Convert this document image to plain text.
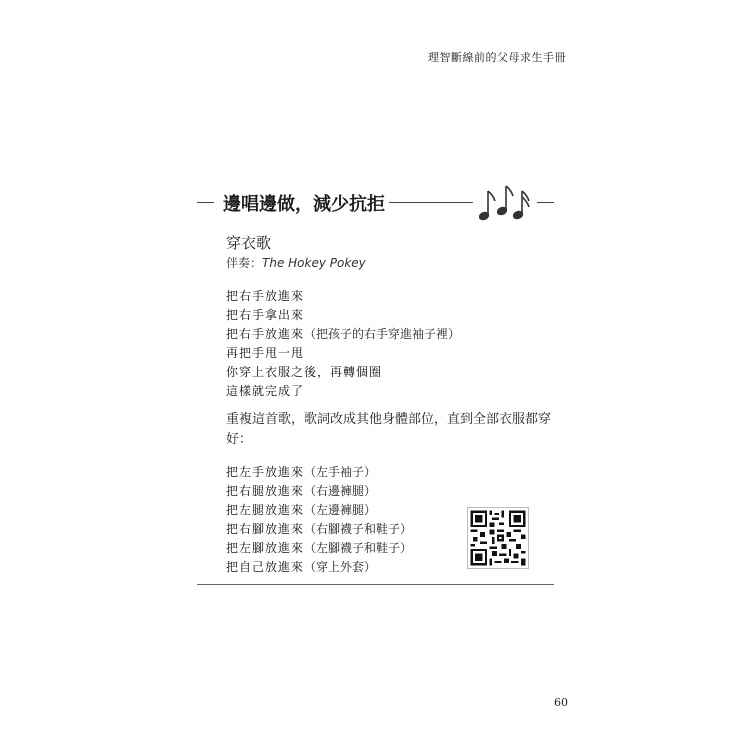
理智斷線前的父母求生手冊
邊唱邊做，減少抗拒
穿衣歌
伴奏：The Hokey Pokey
把右手放進來
把右手拿出來
把右手放進來（把孩子的右手穿進袖子裡）
再把手甩一甩
你穿上衣服之後，再轉個圈
這樣就完成了
重複這首歌，歌詞改成其他身體部位，直到全部衣服都穿好：
把左手放進來（左手袖子）
把右腿放進來（右邊褲腿）
把左腿放進來（左邊褲腿）
把右腳放進來（右腳襪子和鞋子）
把左腳放進來（左腳襪子和鞋子）
把自己放進來（穿上外套）
60
